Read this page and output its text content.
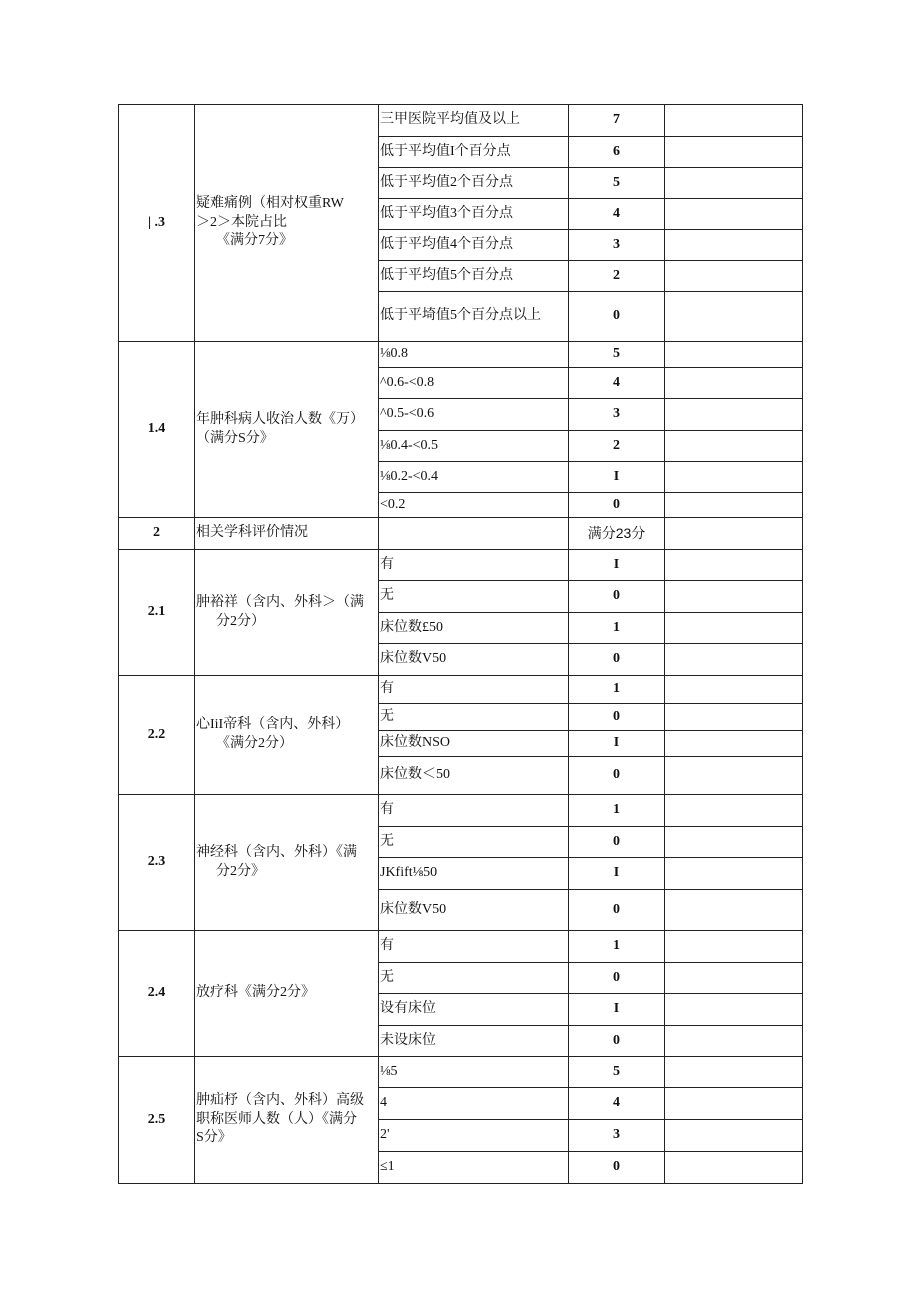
| .3	疑难痛例（相对权重RW
＞2＞本院占比
《满分7分》	三甲医院平均值及以上	7	
		低于平均值I个百分点	6	
		低于平均值2个百分点	5	
		低于平均值3个百分点	4	
		低于平均值4个百分点	3	
		低于平均值5个百分点	2	
		低于平埼值5个百分点以上	0	
1.4	年肿科病人收治人数《万）
（满分S分》	⅛0.8	5	
		^0.6-<0.8	4	
		^0.5-<0.6	3	
		⅛0.4-<0.5	2	
		⅛0.2-<0.4	I	
		<0.2	0	
2	相关学科评价情况		满分23分	
2.1	肿裕祥（含内、外科＞（满
分2分）	有	I	
		无	0	
		床位数£50	1	
		床位数V50	0	
2.2	心IiI帝科（含内、外科）
《满分2分）	有	1	
		无	0	
		床位数NSO	I	
		床位数＜50	0	
2.3	神经科（含内、外科）《满
分2分》	有	1	
		无	0	
		JKfift⅛50	I	
		床位数V50	0	
2.4	放疗科《满分2分》	有	1	
		无	0	
		设有床位	I	
		未设床位	0	
2.5	肿疝杼（含内、外科）高级
职称医师人数（人）《满分
S分》	⅛5	5	
		4	4	
		2'	3	
		≤1	0	
